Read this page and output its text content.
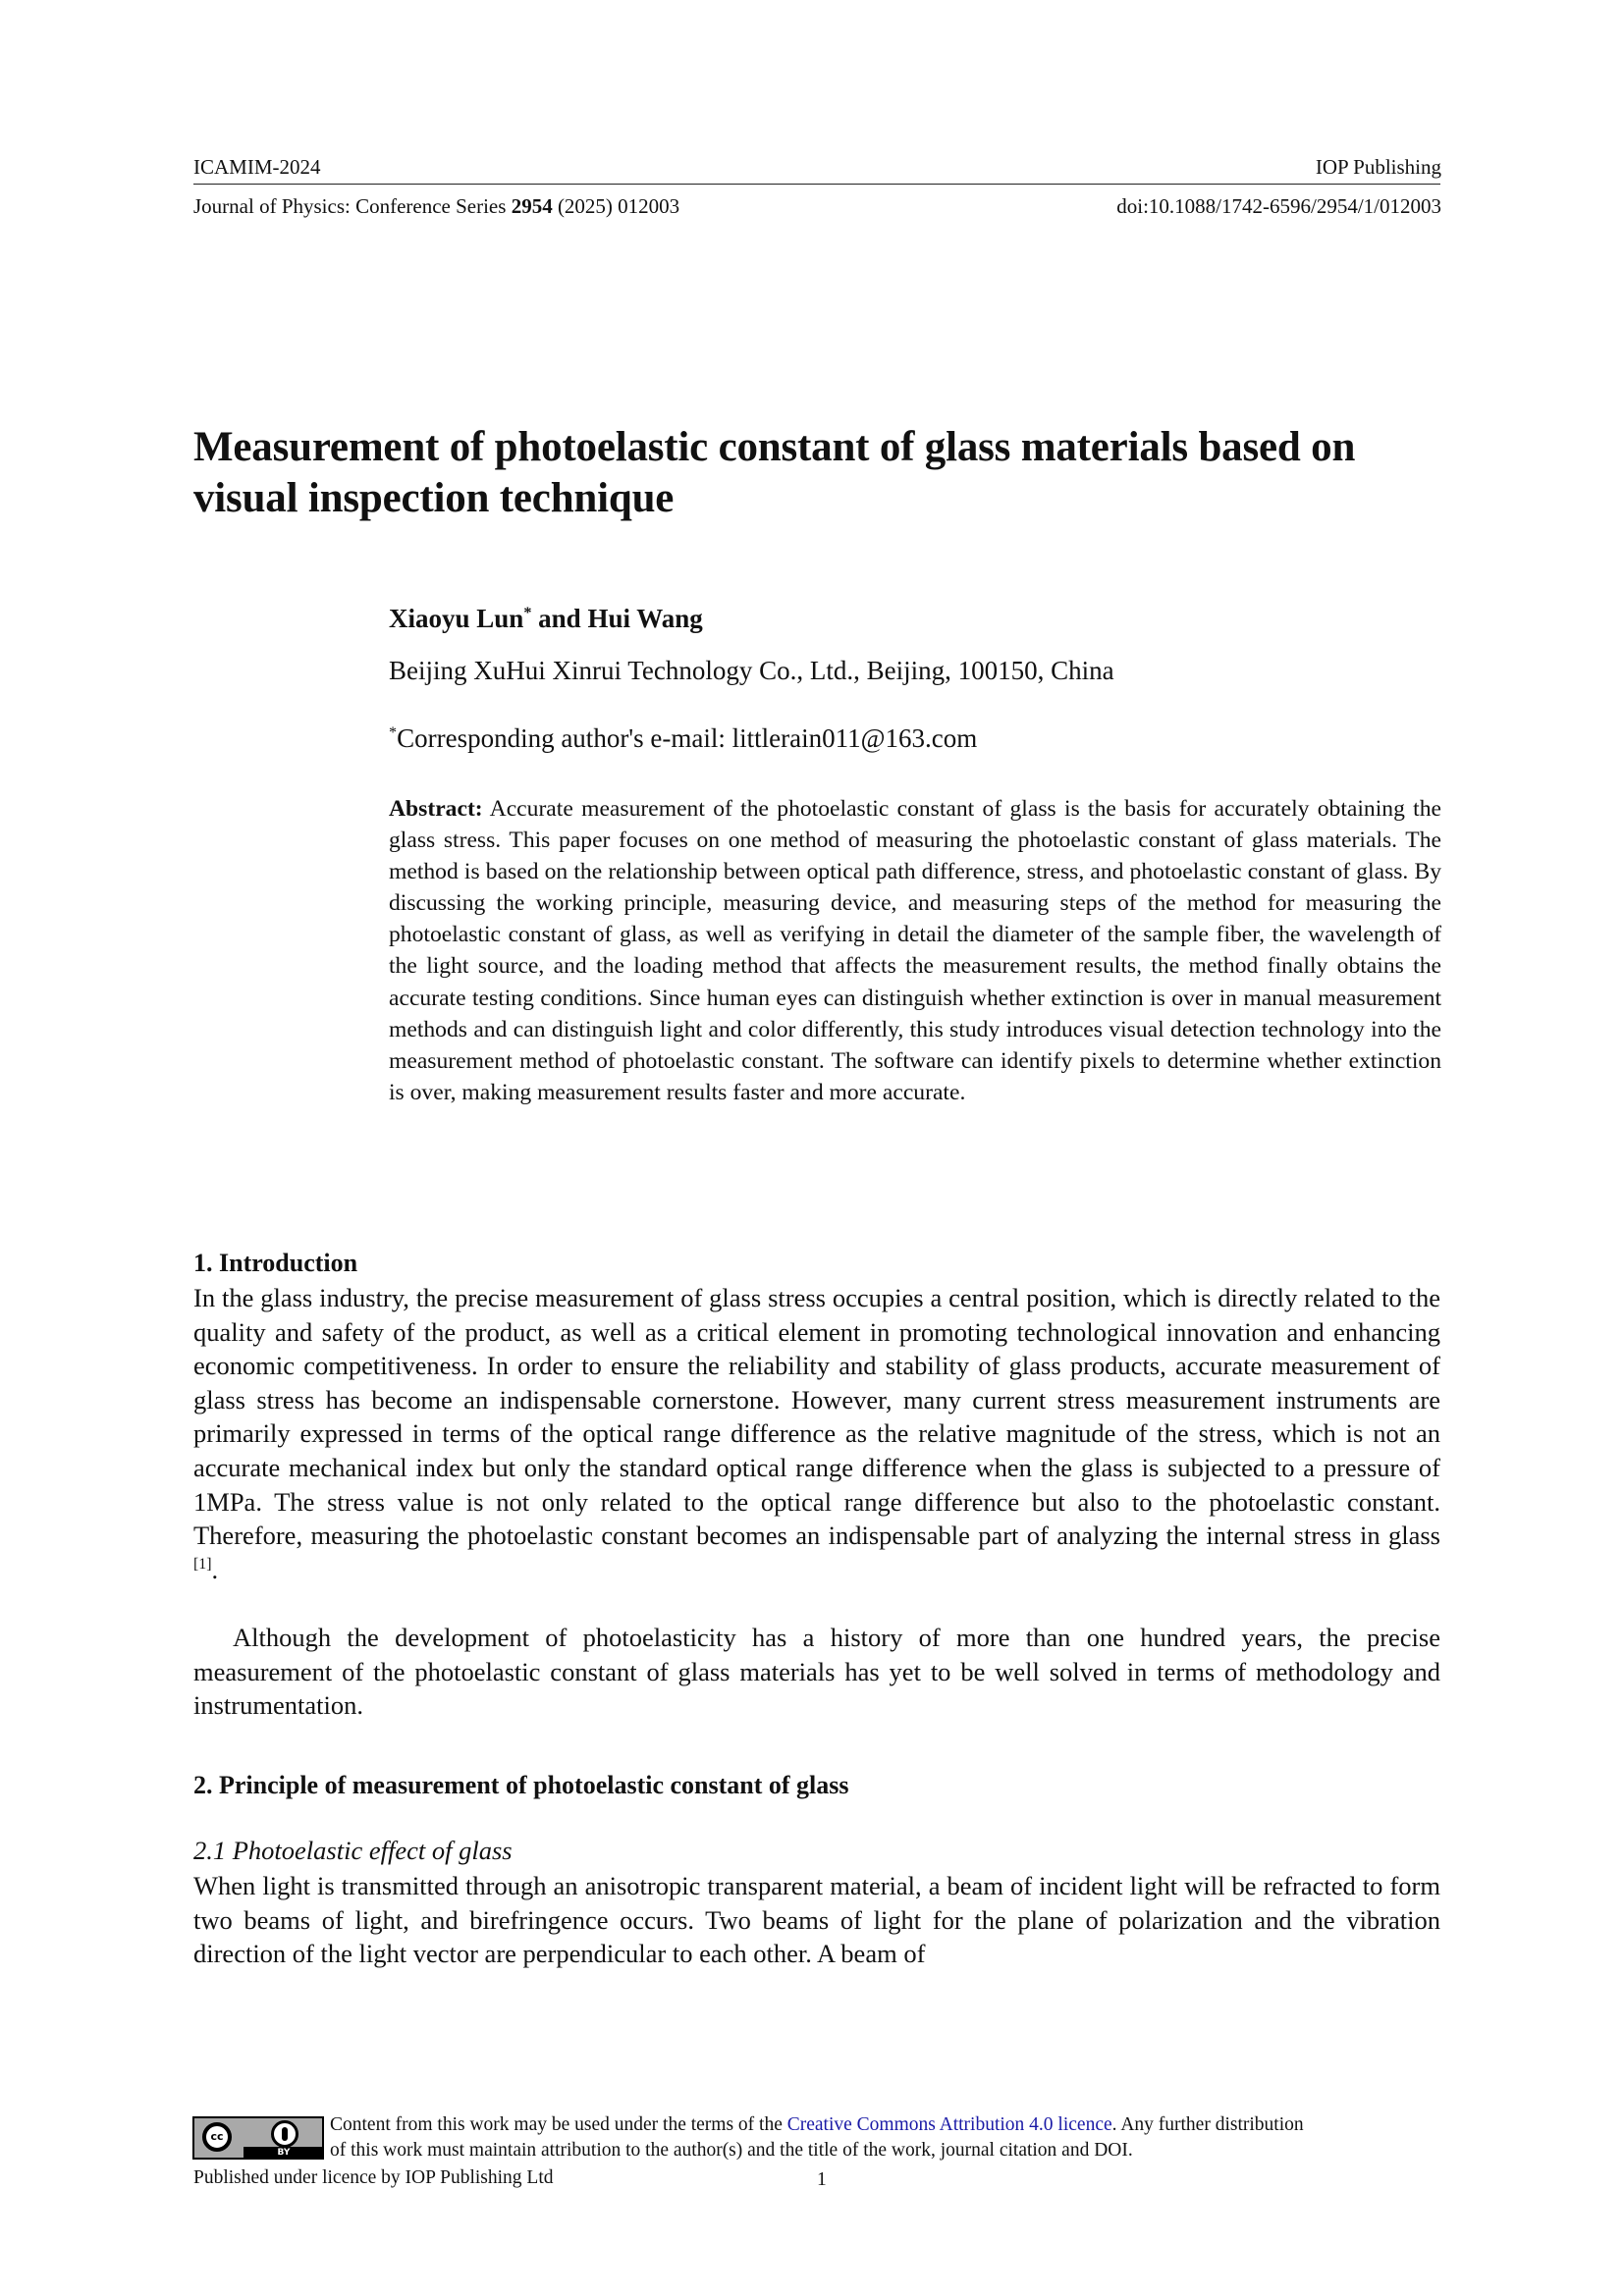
ICAMIM-2024	IOP Publishing
Journal of Physics: Conference Series 2954 (2025) 012003	doi:10.1088/1742-6596/2954/1/012003
Measurement of photoelastic constant of glass materials based on visual inspection technique
Xiaoyu Lun* and Hui Wang
Beijing XuHui Xinrui Technology Co., Ltd., Beijing, 100150, China
*Corresponding author's e-mail: littlerain011@163.com
Abstract: Accurate measurement of the photoelastic constant of glass is the basis for accurately obtaining the glass stress. This paper focuses on one method of measuring the photoelastic constant of glass materials. The method is based on the relationship between optical path difference, stress, and photoelastic constant of glass. By discussing the working principle, measuring device, and measuring steps of the method for measuring the photoelastic constant of glass, as well as verifying in detail the diameter of the sample fiber, the wavelength of the light source, and the loading method that affects the measurement results, the method finally obtains the accurate testing conditions. Since human eyes can distinguish whether extinction is over in manual measurement methods and can distinguish light and color differently, this study introduces visual detection technology into the measurement method of photoelastic constant. The software can identify pixels to determine whether extinction is over, making measurement results faster and more accurate.
1. Introduction
In the glass industry, the precise measurement of glass stress occupies a central position, which is directly related to the quality and safety of the product, as well as a critical element in promoting technological innovation and enhancing economic competitiveness. In order to ensure the reliability and stability of glass products, accurate measurement of glass stress has become an indispensable cornerstone. However, many current stress measurement instruments are primarily expressed in terms of the optical range difference as the relative magnitude of the stress, which is not an accurate mechanical index but only the standard optical range difference when the glass is subjected to a pressure of 1MPa. The stress value is not only related to the optical range difference but also to the photoelastic constant. Therefore, measuring the photoelastic constant becomes an indispensable part of analyzing the internal stress in glass [1].
Although the development of photoelasticity has a history of more than one hundred years, the precise measurement of the photoelastic constant of glass materials has yet to be well solved in terms of methodology and instrumentation.
2. Principle of measurement of photoelastic constant of glass
2.1 Photoelastic effect of glass
When light is transmitted through an anisotropic transparent material, a beam of incident light will be refracted to form two beams of light, and birefringence occurs. Two beams of light for the plane of polarization and the vibration direction of the light vector are perpendicular to each other. A beam of
cc
BY
Content from this work may be used under the terms of the Creative Commons Attribution 4.0 licence. Any further distribution
of this work must maintain attribution to the author(s) and the title of the work, journal citation and DOI.
Published under licence by IOP Publishing Ltd	1
